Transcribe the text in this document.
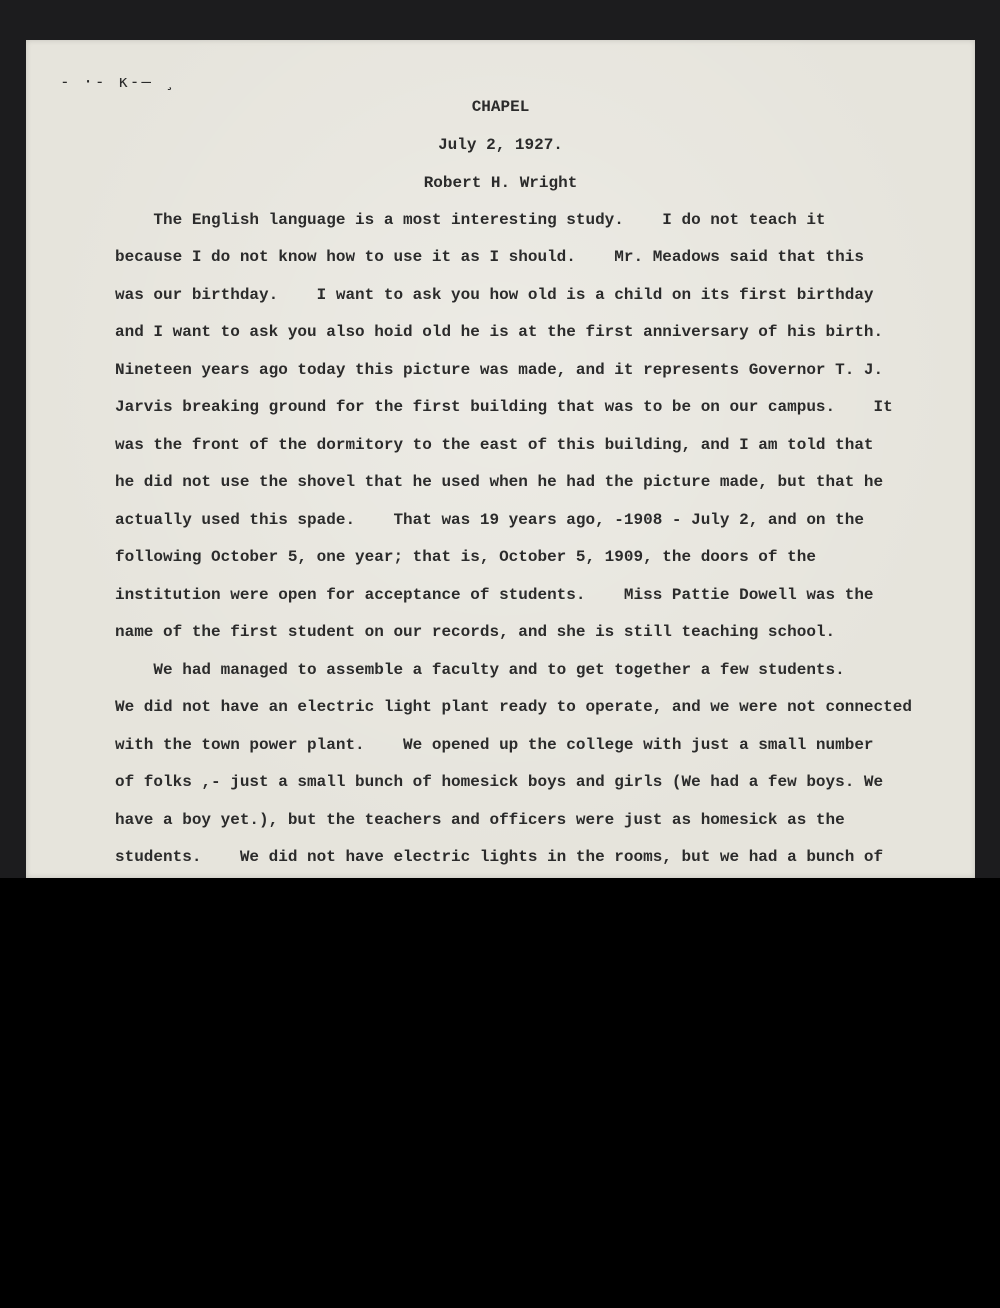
‐ ·‐ ĸ‐– ¸
CHAPEL
July 2, 1927.
Robert H. Wright
The English language is a most interesting study.    I do not teach it
because I do not know how to use it as I should.    Mr. Meadows said that this
was our birthday.    I want to ask you how old is a child on its first birthday
and I want to ask you also hoid old he is at the first anniversary of his birth.
Nineteen years ago today this picture was made, and it represents Governor T. J.
Jarvis breaking ground for the first building that was to be on our campus.    It
was the front of the dormitory to the east of this building, and I am told that
he did not use the shovel that he used when he had the picture made, but that he
actually used this spade.    That was 19 years ago, -1908 - July 2, and on the
following October 5, one year; that is, October 5, 1909, the doors of the
institution were open for acceptance of students.    Miss Pattie Dowell was the
name of the first student on our records, and she is still teaching school.
We had managed to assemble a faculty and to get together a few students.
We did not have an electric light plant ready to operate, and we were not connected
with the town power plant.    We opened up the college with just a small number
of folks ,- just a small bunch of homesick boys and girls (We had a few boys. We
have a boy yet.), but the teachers and officers were just as homesick as the
students.    We did not have electric lights in the rooms, but we had a bunch of
